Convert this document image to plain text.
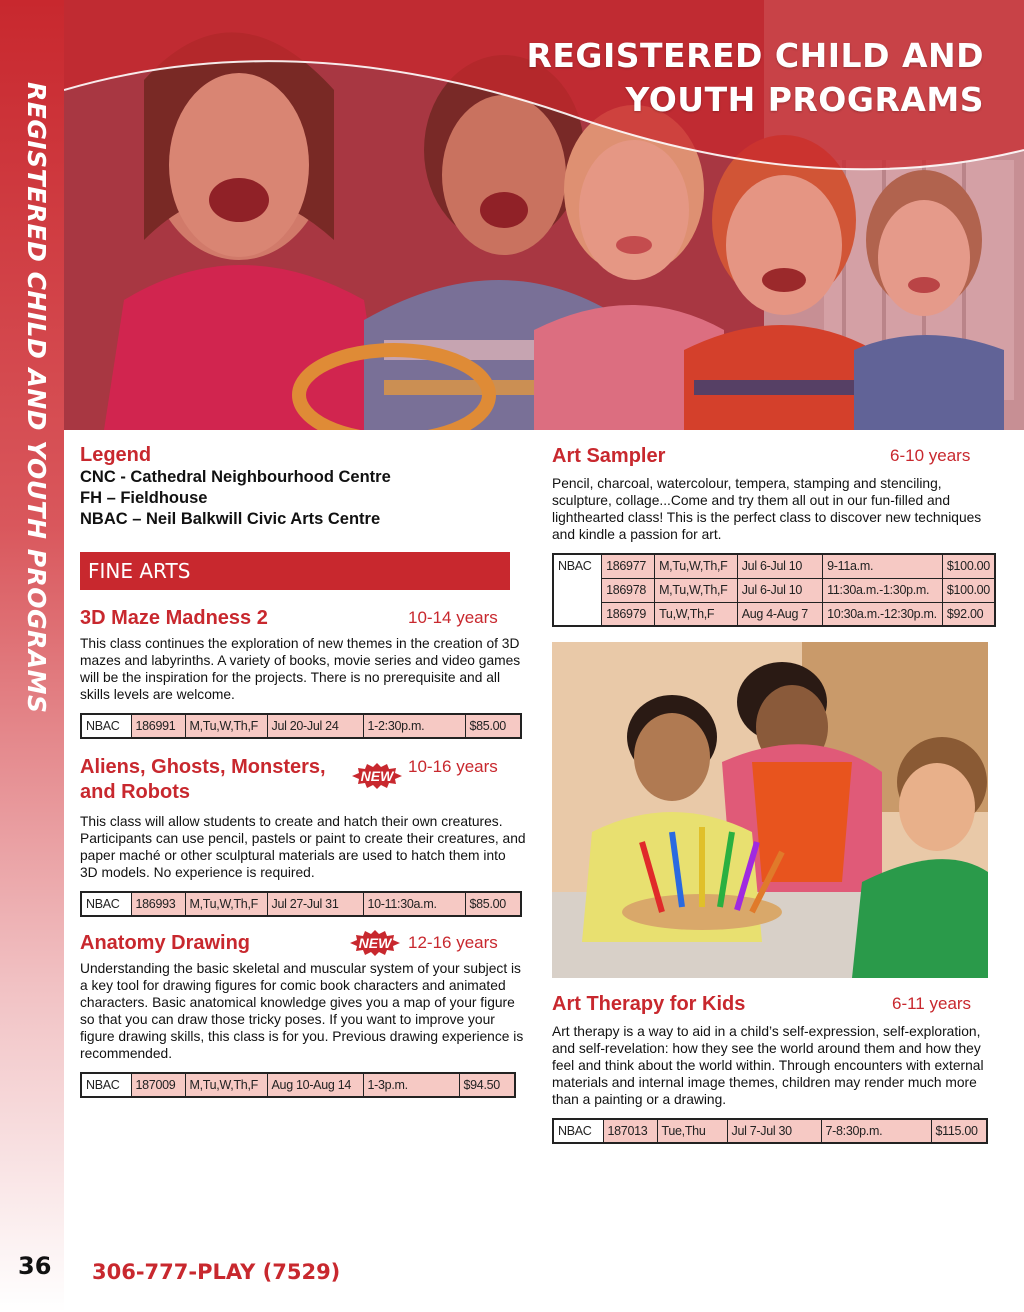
REGISTERED CHILD AND YOUTH PROGRAMS
REGISTERED CHILD AND
YOUTH PROGRAMS
Legend
CNC - Cathedral Neighbourhood Centre
FH – Fieldhouse
NBAC – Neil Balkwill Civic Arts Centre
FINE ARTS
3D Maze Madness 2	10-14 years
This class continues the exploration of new themes in the creation of 3D mazes and labyrinths. A variety of books, movie series and video games will be the inspiration for the projects. There is no prerequisite and all skills levels are welcome.
NBAC	186991	M,Tu,W,Th,F	Jul 20-Jul 24	1-2:30p.m.	$85.00
Aliens, Ghosts, Monsters,
and Robots
NEW 10-16 years
This class will allow students to create and hatch their own creatures. Participants can use pencil, pastels or paint to create their creatures, and paper maché or other sculptural materials are used to hatch them into 3D models. No experience is required.
NBAC	186993	M,Tu,W,Th,F	Jul 27-Jul 31	10-11:30a.m.	$85.00
Anatomy Drawing	NEW 12-16 years
Understanding the basic skeletal and muscular system of your subject is a key tool for drawing figures for comic book characters and animated characters. Basic anatomical knowledge gives you a map of your figure so that you can draw those tricky poses. If you want to improve your figure drawing skills, this class is for you. Previous drawing experience is recommended.
NBAC	187009	M,Tu,W,Th,F	Aug 10-Aug 14	1-3p.m.	$94.50
Art Sampler	6-10 years
Pencil, charcoal, watercolour, tempera, stamping and stenciling, sculpture, collage...Come and try them all out in our fun-filled and lighthearted class! This is the perfect class to discover new techniques and kindle a passion for art.
NBAC	186977	M,Tu,W,Th,F	Jul 6-Jul 10	9-11a.m.	$100.00
	186978	M,Tu,W,Th,F	Jul 6-Jul 10	11:30a.m.-1:30p.m.	$100.00
	186979	Tu,W,Th,F	Aug 4-Aug 7	10:30a.m.-12:30p.m.	$92.00
Art Therapy for Kids	6-11 years
Art therapy is a way to aid in a child’s self-expression, self-exploration, and self-revelation: how they see the world around them and how they feel and think about the world within. Through encounters with external materials and internal image themes, children may render much more than a painting or a drawing.
NBAC	187013	Tue,Thu	Jul 7-Jul 30	7-8:30p.m.	$115.00
36 306-777-PLAY (7529)
